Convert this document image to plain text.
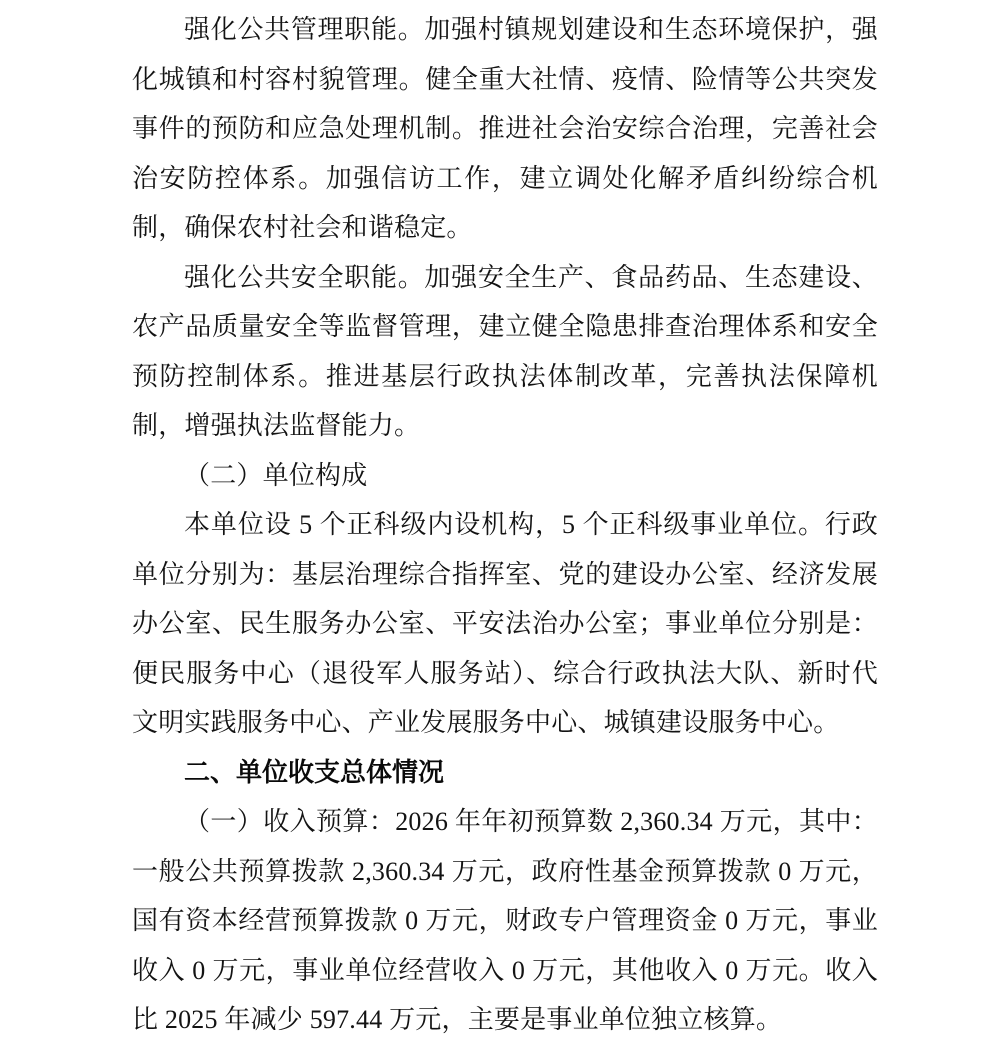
强化公共管理职能。加强村镇规划建设和生态环境保护，强化城镇和村容村貌管理。健全重大社情、疫情、险情等公共突发事件的预防和应急处理机制。推进社会治安综合治理，完善社会治安防控体系。加强信访工作，建立调处化解矛盾纠纷综合机制，确保农村社会和谐稳定。

强化公共安全职能。加强安全生产、食品药品、生态建设、农产品质量安全等监督管理，建立健全隐患排查治理体系和安全预防控制体系。推进基层行政执法体制改革，完善执法保障机制，增强执法监督能力。

（二）单位构成

本单位设 5 个正科级内设机构，5 个正科级事业单位。行政单位分别为：基层治理综合指挥室、党的建设办公室、经济发展办公室、民生服务办公室、平安法治办公室；事业单位分别是：便民服务中心（退役军人服务站）、综合行政执法大队、新时代文明实践服务中心、产业发展服务中心、城镇建设服务中心。

二、单位收支总体情况

（一）收入预算：2026 年年初预算数 2,360.34 万元，其中：一般公共预算拨款 2,360.34 万元，政府性基金预算拨款 0 万元，国有资本经营预算拨款 0 万元，财政专户管理资金 0 万元，事业收入 0 万元，事业单位经营收入 0 万元，其他收入 0 万元。收入比 2025 年减少 597.44 万元，主要是事业单位独立核算。
